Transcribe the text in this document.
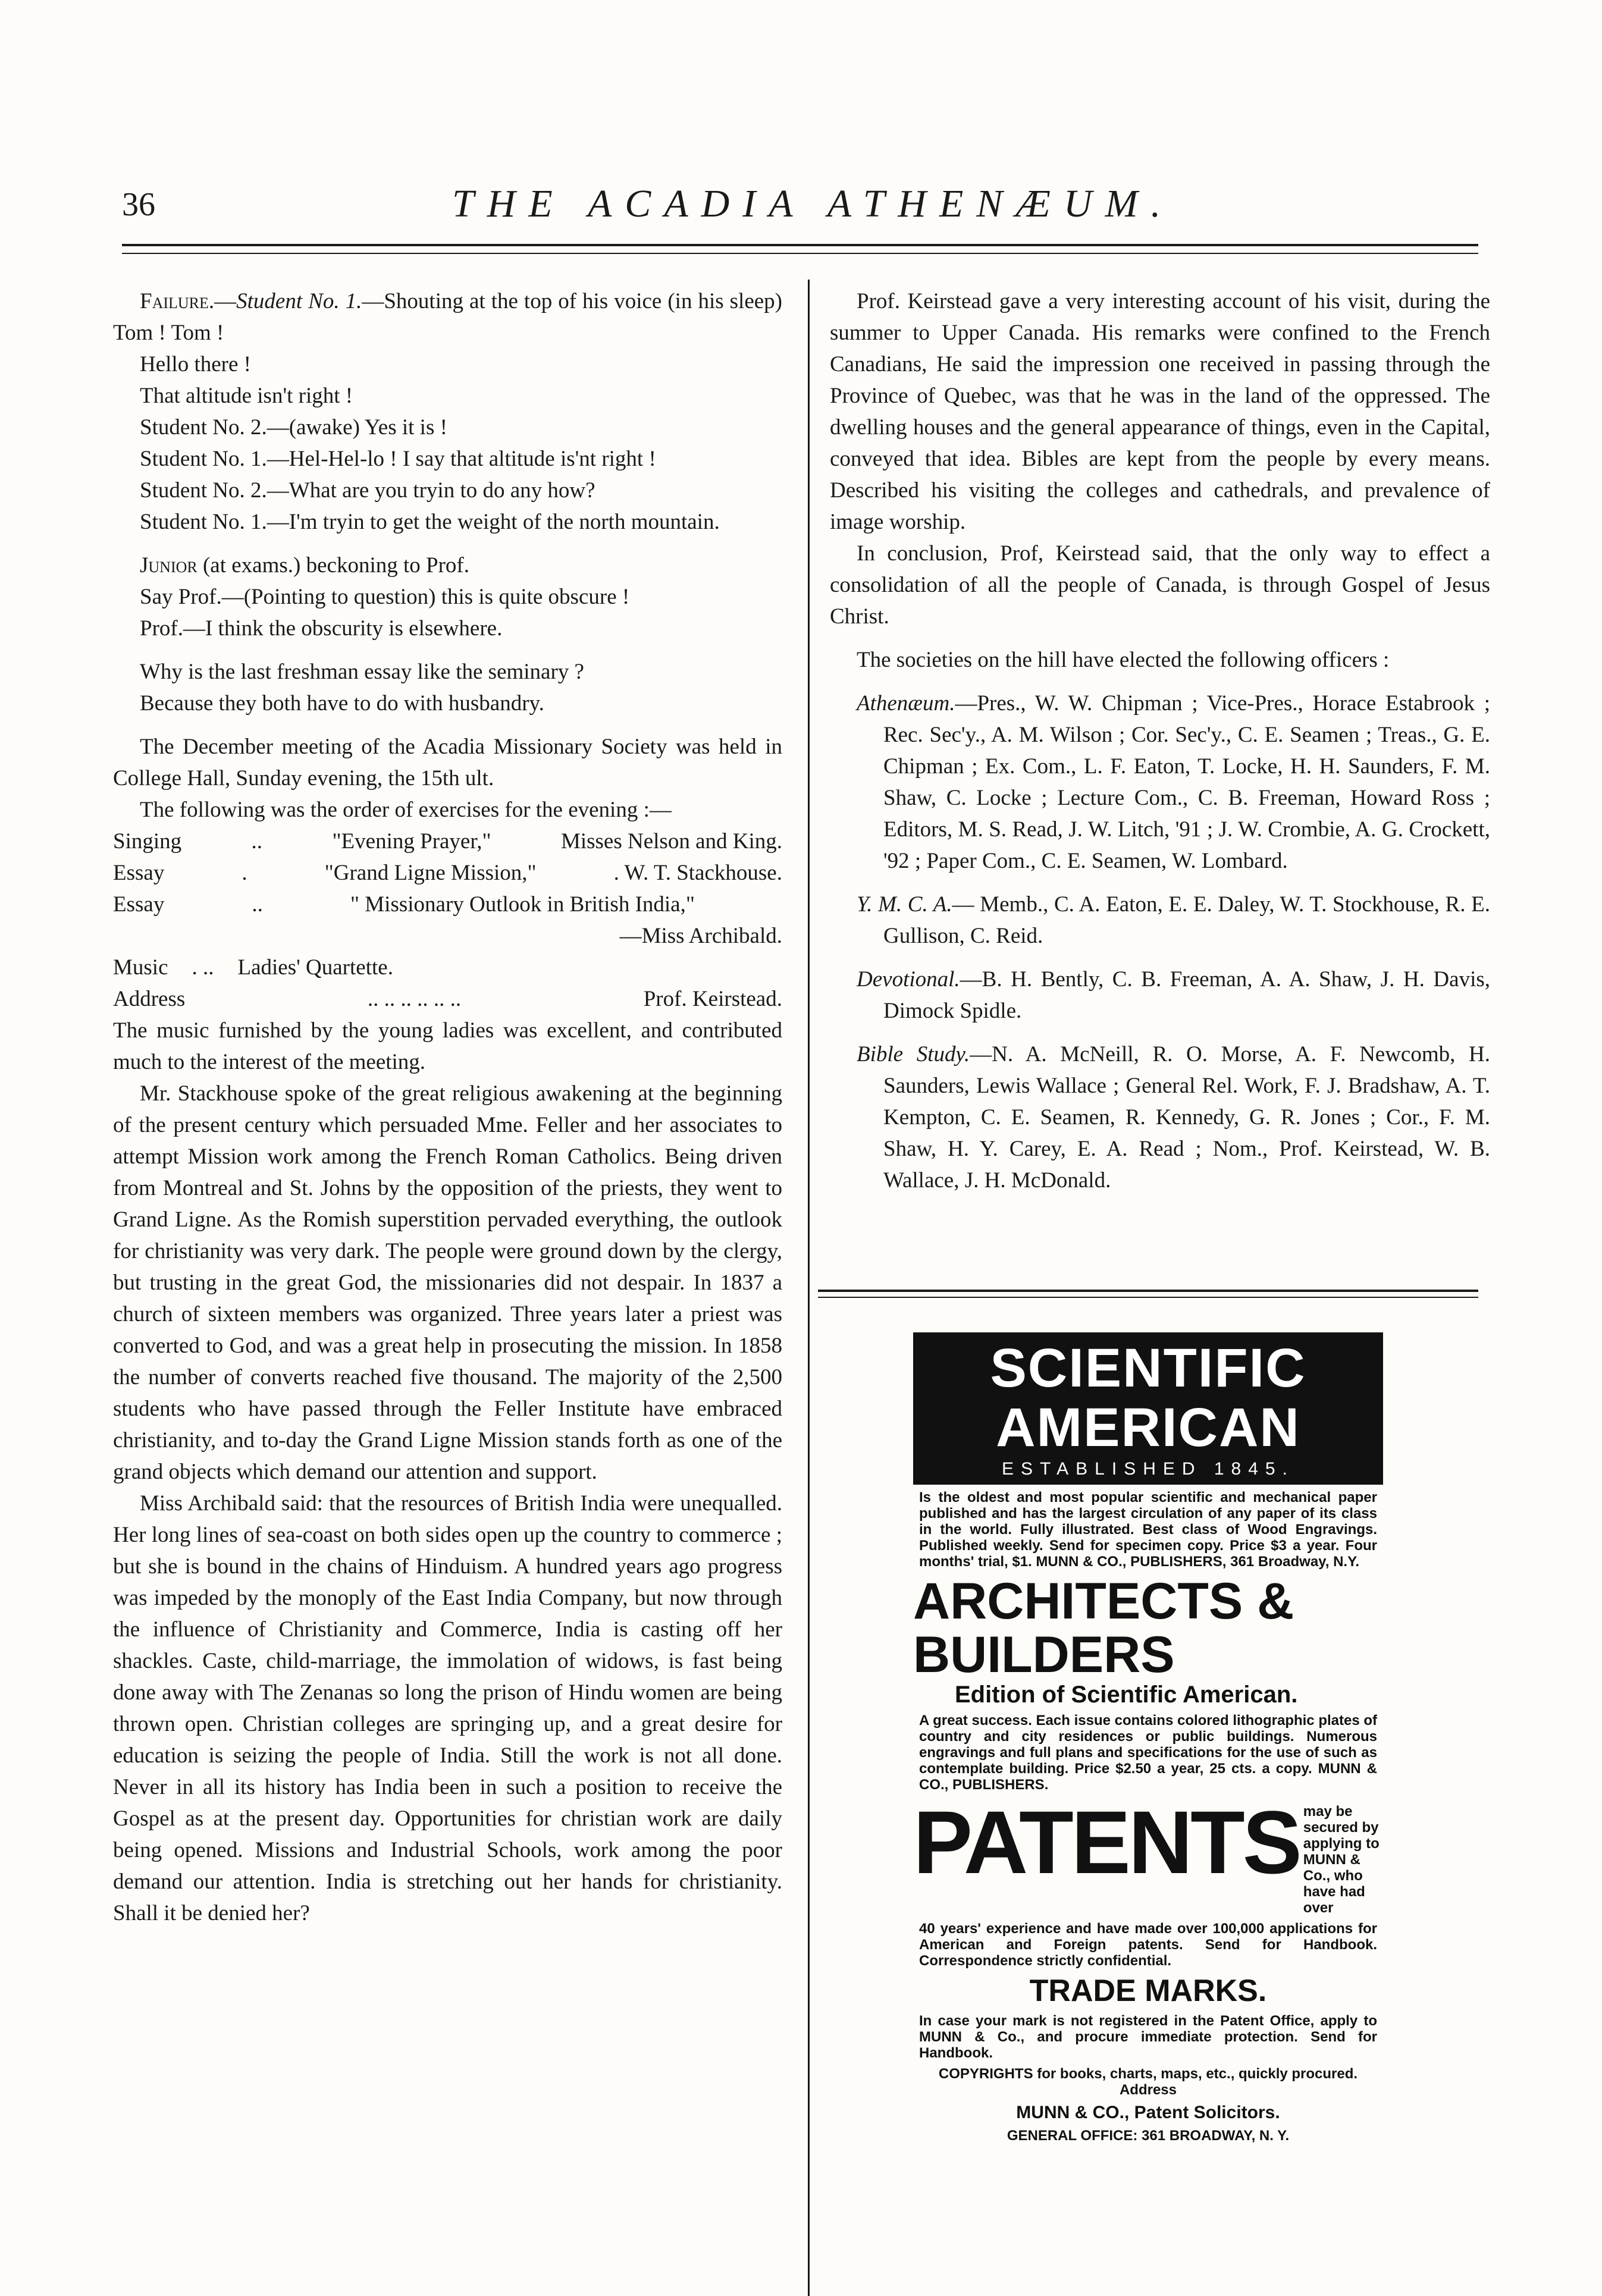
36	THE ACADIA ATHENÆUM.

Failure.—Student No. 1.—Shouting at the top of his voice (in his sleep) Tom ! Tom !

Hello there !

That altitude isn't right !

Student No. 2.—(awake) Yes it is !

Student No. 1.—Hel-Hel-lo ! I say that altitude is'nt right !

Student No. 2.—What are you tryin to do any how?

Student No. 1.—I'm tryin to get the weight of the north mountain.

Junior (at exams.) beckoning to Prof.

Say Prof.—(Pointing to question) this is quite obscure !

Prof.—I think the obscurity is elsewhere.

Why is the last freshman essay like the seminary ?

Because they both have to do with husbandry.

The December meeting of the Acadia Missionary Society was held in College Hall, Sunday evening, the 15th ult.

The following was the order of exercises for the evening :—

Singing	..	"Evening Prayer,"	Misses Nelson and King.
Essay	.	"Grand Ligne Mission,"	. W. T. Stackhouse.
Essay	..	" Missionary Outlook in British India,"
—Miss Archibald.
Music . .. Ladies' Quartette.
Address	.. .. .. .. .. ..	Prof. Keirstead.

The music furnished by the young ladies was excellent, and contributed much to the interest of the meeting.

Mr. Stackhouse spoke of the great religious awakening at the beginning of the present century which persuaded Mme. Feller and her associates to attempt Mission work among the French Roman Catholics. Being driven from Montreal and St. Johns by the opposition of the priests, they went to Grand Ligne. As the Romish superstition pervaded everything, the outlook for christianity was very dark. The people were ground down by the clergy, but trusting in the great God, the missionaries did not despair. In 1837 a church of sixteen members was organized. Three years later a priest was converted to God, and was a great help in prosecuting the mission. In 1858 the number of converts reached five thousand. The majority of the 2,500 students who have passed through the Feller Institute have embraced christianity, and to-day the Grand Ligne Mission stands forth as one of the grand objects which demand our attention and support.

Miss Archibald said: that the resources of British India were unequalled. Her long lines of sea-coast on both sides open up the country to commerce ; but she is bound in the chains of Hinduism. A hundred years ago progress was impeded by the monoply of the East India Company, but now through the influence of Christianity and Commerce, India is casting off her shackles. Caste, child-marriage, the immolation of widows, is fast being done away with The Zenanas so long the prison of Hindu women are being thrown open. Christian colleges are springing up, and a great desire for education is seizing the people of India. Still the work is not all done. Never in all its history has India been in such a position to receive the Gospel as at the present day. Opportunities for christian work are daily being opened. Missions and Industrial Schools, work among the poor demand our attention. India is stretching out her hands for christianity. Shall it be denied her?

Prof. Keirstead gave a very interesting account of his visit, during the summer to Upper Canada. His remarks were confined to the French Canadians, He said the impression one received in passing through the Province of Quebec, was that he was in the land of the oppressed. The dwelling houses and the general appearance of things, even in the Capital, conveyed that idea. Bibles are kept from the people by every means. Described his visiting the colleges and cathedrals, and prevalence of image worship.

In conclusion, Prof, Keirstead said, that the only way to effect a consolidation of all the people of Canada, is through Gospel of Jesus Christ.

The societies on the hill have elected the following officers :

Athenæum.—Pres., W. W. Chipman ; Vice-Pres., Horace Estabrook ; Rec. Sec'y., A. M. Wilson ; Cor. Sec'y., C. E. Seamen ; Treas., G. E. Chipman ; Ex. Com., L. F. Eaton, T. Locke, H. H. Saunders, F. M. Shaw, C. Locke ; Lecture Com., C. B. Freeman, Howard Ross ; Editors, M. S. Read, J. W. Litch, '91 ; J. W. Crombie, A. G. Crockett, '92 ; Paper Com., C. E. Seamen, W. Lombard.

Y. M. C. A.— Memb., C. A. Eaton, E. E. Daley, W. T. Stockhouse, R. E. Gullison, C. Reid.

Devotional.—B. H. Bently, C. B. Freeman, A. A. Shaw, J. H. Davis, Dimock Spidle.

Bible Study.—N. A. McNeill, R. O. Morse, A. F. Newcomb, H. Saunders, Lewis Wallace ; General Rel. Work, F. J. Bradshaw, A. T. Kempton, C. E. Seamen, R. Kennedy, G. R. Jones ; Cor., F. M. Shaw, H. Y. Carey, E. A. Read ; Nom., Prof. Keirstead, W. B. Wallace, J. H. McDonald.

SCIENTIFIC AMERICAN
ESTABLISHED 1845.
Is the oldest and most popular scientific and mechanical paper published and has the largest circulation of any paper of its class in the world. Fully illustrated. Best class of Wood Engravings. Published weekly. Send for specimen copy. Price $3 a year. Four months' trial, $1. MUNN & CO., PUBLISHERS, 361 Broadway, N.Y.
ARCHITECTS & BUILDERS
Edition of Scientific American.
A great success. Each issue contains colored lithographic plates of country and city residences or public buildings. Numerous engravings and full plans and specifications for the use of such as contemplate building. Price $2.50 a year, 25 cts. a copy. MUNN & CO., PUBLISHERS.
PATENTS may be secured by applying to MUNN & Co., who have had over
40 years' experience and have made over 100,000 applications for American and Foreign patents. Send for Handbook. Correspondence strictly confidential.
TRADE MARKS.
In case your mark is not registered in the Patent Office, apply to MUNN & Co., and procure immediate protection. Send for Handbook.
COPYRIGHTS for books, charts, maps, etc., quickly procured. Address
MUNN & CO., Patent Solicitors.
GENERAL OFFICE: 361 BROADWAY, N. Y.
